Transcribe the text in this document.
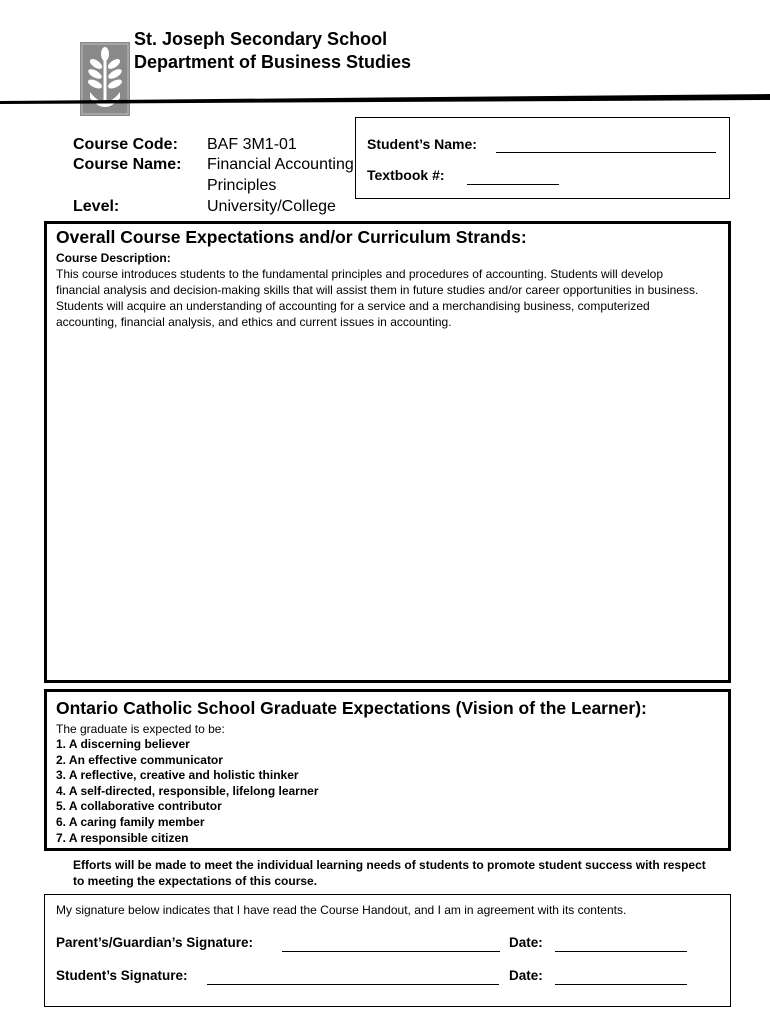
St. Joseph Secondary School
Department of Business Studies
Course Code:
Course Name:
Level:
BAF 3M1-01
Financial Accounting
Principles
University/College
Student’s Name:
Textbook #:
Overall Course Expectations and/or Curriculum Strands:
Course Description:
This course introduces students to the fundamental principles and procedures of accounting. Students will develop financial analysis and decision-making skills that will assist them in future studies and/or career opportunities in business. Students will acquire an understanding of accounting for a service and a merchandising business, computerized accounting, financial analysis, and ethics and current issues in accounting.
Ontario Catholic School Graduate Expectations (Vision of the Learner):
The graduate is expected to be:
1. A discerning believer
2. An effective communicator
3. A reflective, creative and holistic thinker
4. A self-directed, responsible, lifelong learner
5. A collaborative contributor
6. A caring family member
7. A responsible citizen
Efforts will be made to meet the individual learning needs of students to promote student success with respect to meeting the expectations of this course.
My signature below indicates that I have read the Course Handout, and I am in agreement with its contents.
Parent’s/Guardian’s Signature:	Date:
Student’s Signature:	Date:
